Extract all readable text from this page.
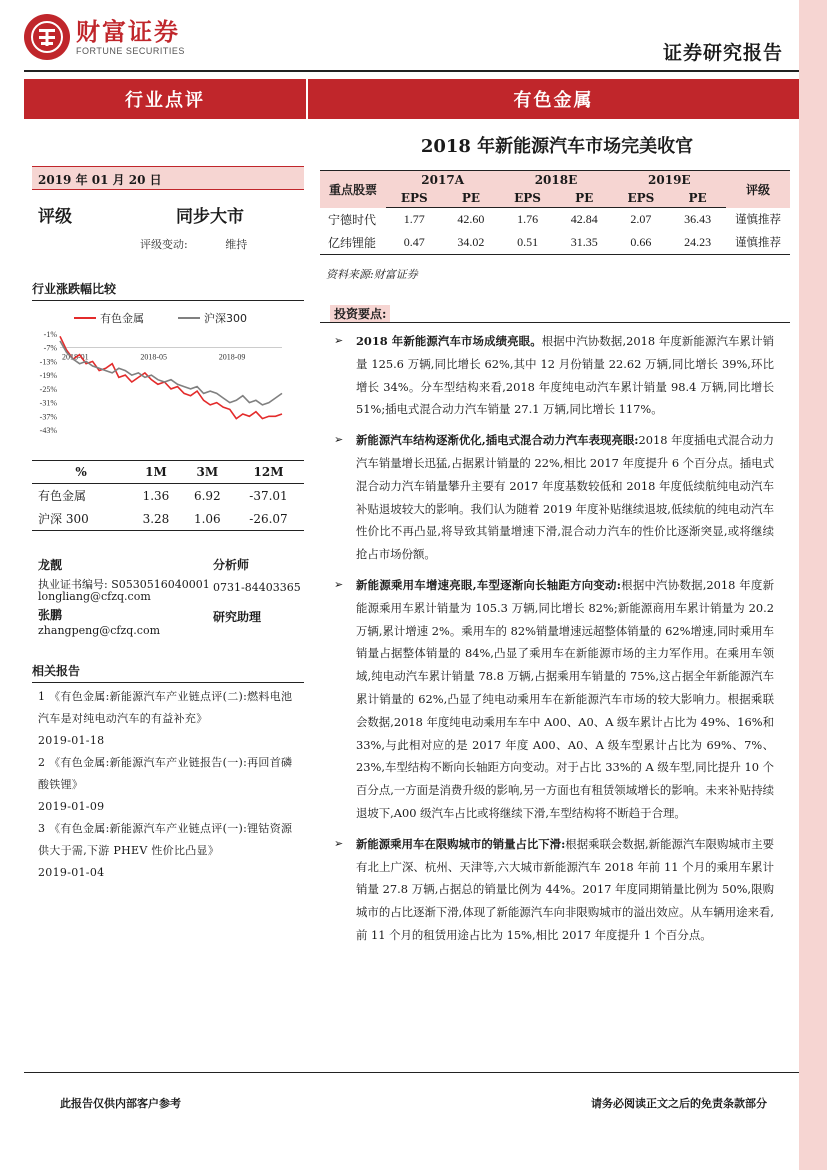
财富证券
FORTUNE SECURITIES	证券研究报告
行业点评	有色金属
2018 年新能源汽车市场完美收官
2019 年 01 月 20 日
评级	同步大市
评级变动:	维持
行业涨跌幅比较
有色金属	沪深300
-1%
-7%
-13%
-19%
-25%
-31%
-37%
-43%
2018-01	2018-05	2018-09
%	1M	3M	12M
有色金属	1.36	6.92	-37.01
沪深 300	3.28	1.06	-26.07
龙靓	分析师
执业证书编号: S0530516040001 0731-84403365
longliang@cfzq.com
张鹏	研究助理
zhangpeng@cfzq.com
相关报告
1 《有色金属:新能源汽车产业链点评(二):燃料电池汽车是对纯电动汽车的有益补充》
2019-01-18
2 《有色金属:新能源汽车产业链报告(一):再回首磷酸铁锂》
2019-01-09
3 《有色金属:新能源汽车产业链点评(一):锂钴资源供大于需,下游 PHEV 性价比凸显》
2019-01-04
重点股票	2017A		2018E		2019E		评级
	EPS	PE	EPS	PE	EPS	PE	
宁德时代	1.77	42.60	1.76	42.84	2.07	36.43	谨慎推荐
亿纬锂能	0.47	34.02	0.51	31.35	0.66	24.23	谨慎推荐
资料来源:财富证券
投资要点:
➢ 2018 年新能源汽车市场成绩亮眼。根据中汽协数据,2018 年度新能源汽车累计销量 125.6 万辆,同比增长 62%,其中 12 月份销量 22.62 万辆,同比增长 39%,环比增长 34%。分车型结构来看,2018 年度纯电动汽车累计销量 98.4 万辆,同比增长 51%;插电式混合动力汽车销量 27.1 万辆,同比增长 117%。
➢ 新能源汽车结构逐渐优化,插电式混合动力汽车表现亮眼:2018 年度插电式混合动力汽车销量增长迅猛,占据累计销量的 22%,相比 2017 年度提升 6 个百分点。插电式混合动力汽车销量攀升主要有 2017 年度基数较低和 2018 年度低续航纯电动汽车补贴退坡较大的影响。我们认为随着 2019 年度补贴继续退坡,低续航的纯电动汽车性价比不再凸显,将导致其销量增速下滑,混合动力汽车的性价比逐渐突显,或将继续抢占市场份额。
➢ 新能源乘用车增速亮眼,车型逐渐向长轴距方向变动:根据中汽协数据,2018 年度新能源乘用车累计销量为 105.3 万辆,同比增长 82%;新能源商用车累计销量为 20.2 万辆,累计增速 2%。乘用车的 82%销量增速远超整体销量的 62%增速,同时乘用车销量占据整体销量的 84%,凸显了乘用车在新能源市场的主力军作用。在乘用车领域,纯电动汽车累计销量 78.8 万辆,占据乘用车销量的 75%,这占据全年新能源汽车累计销量的 62%,凸显了纯电动乘用车在新能源汽车市场的较大影响力。根据乘联会数据,2018 年度纯电动乘用车车中 A00、A0、A 级车累计占比为 49%、16%和 33%,与此相对应的是 2017 年度 A00、A0、A 级车型累计占比为 69%、7%、23%,车型结构不断向长轴距方向变动。对于占比 33%的 A 级车型,同比提升 10 个百分点,一方面是消费升级的影响,另一方面也有租赁领域增长的影响。未来补贴持续退坡下,A00 级汽车占比或将继续下滑,车型结构将不断趋于合理。
➢ 新能源乘用车在限购城市的销量占比下滑:根据乘联会数据,新能源汽车限购城市主要有北上广深、杭州、天津等,六大城市新能源汽车 2018 年前 11 个月的乘用车累计销量 27.8 万辆,占据总的销量比例为 44%。2017 年度同期销量比例为 50%,限购城市的占比逐渐下滑,体现了新能源汽车向非限购城市的溢出效应。从车辆用途来看,前 11 个月的租赁用途占比为 15%,相比 2017 年度提升 1 个百分点。
此报告仅供内部客户参考	请务必阅读正文之后的免责条款部分
